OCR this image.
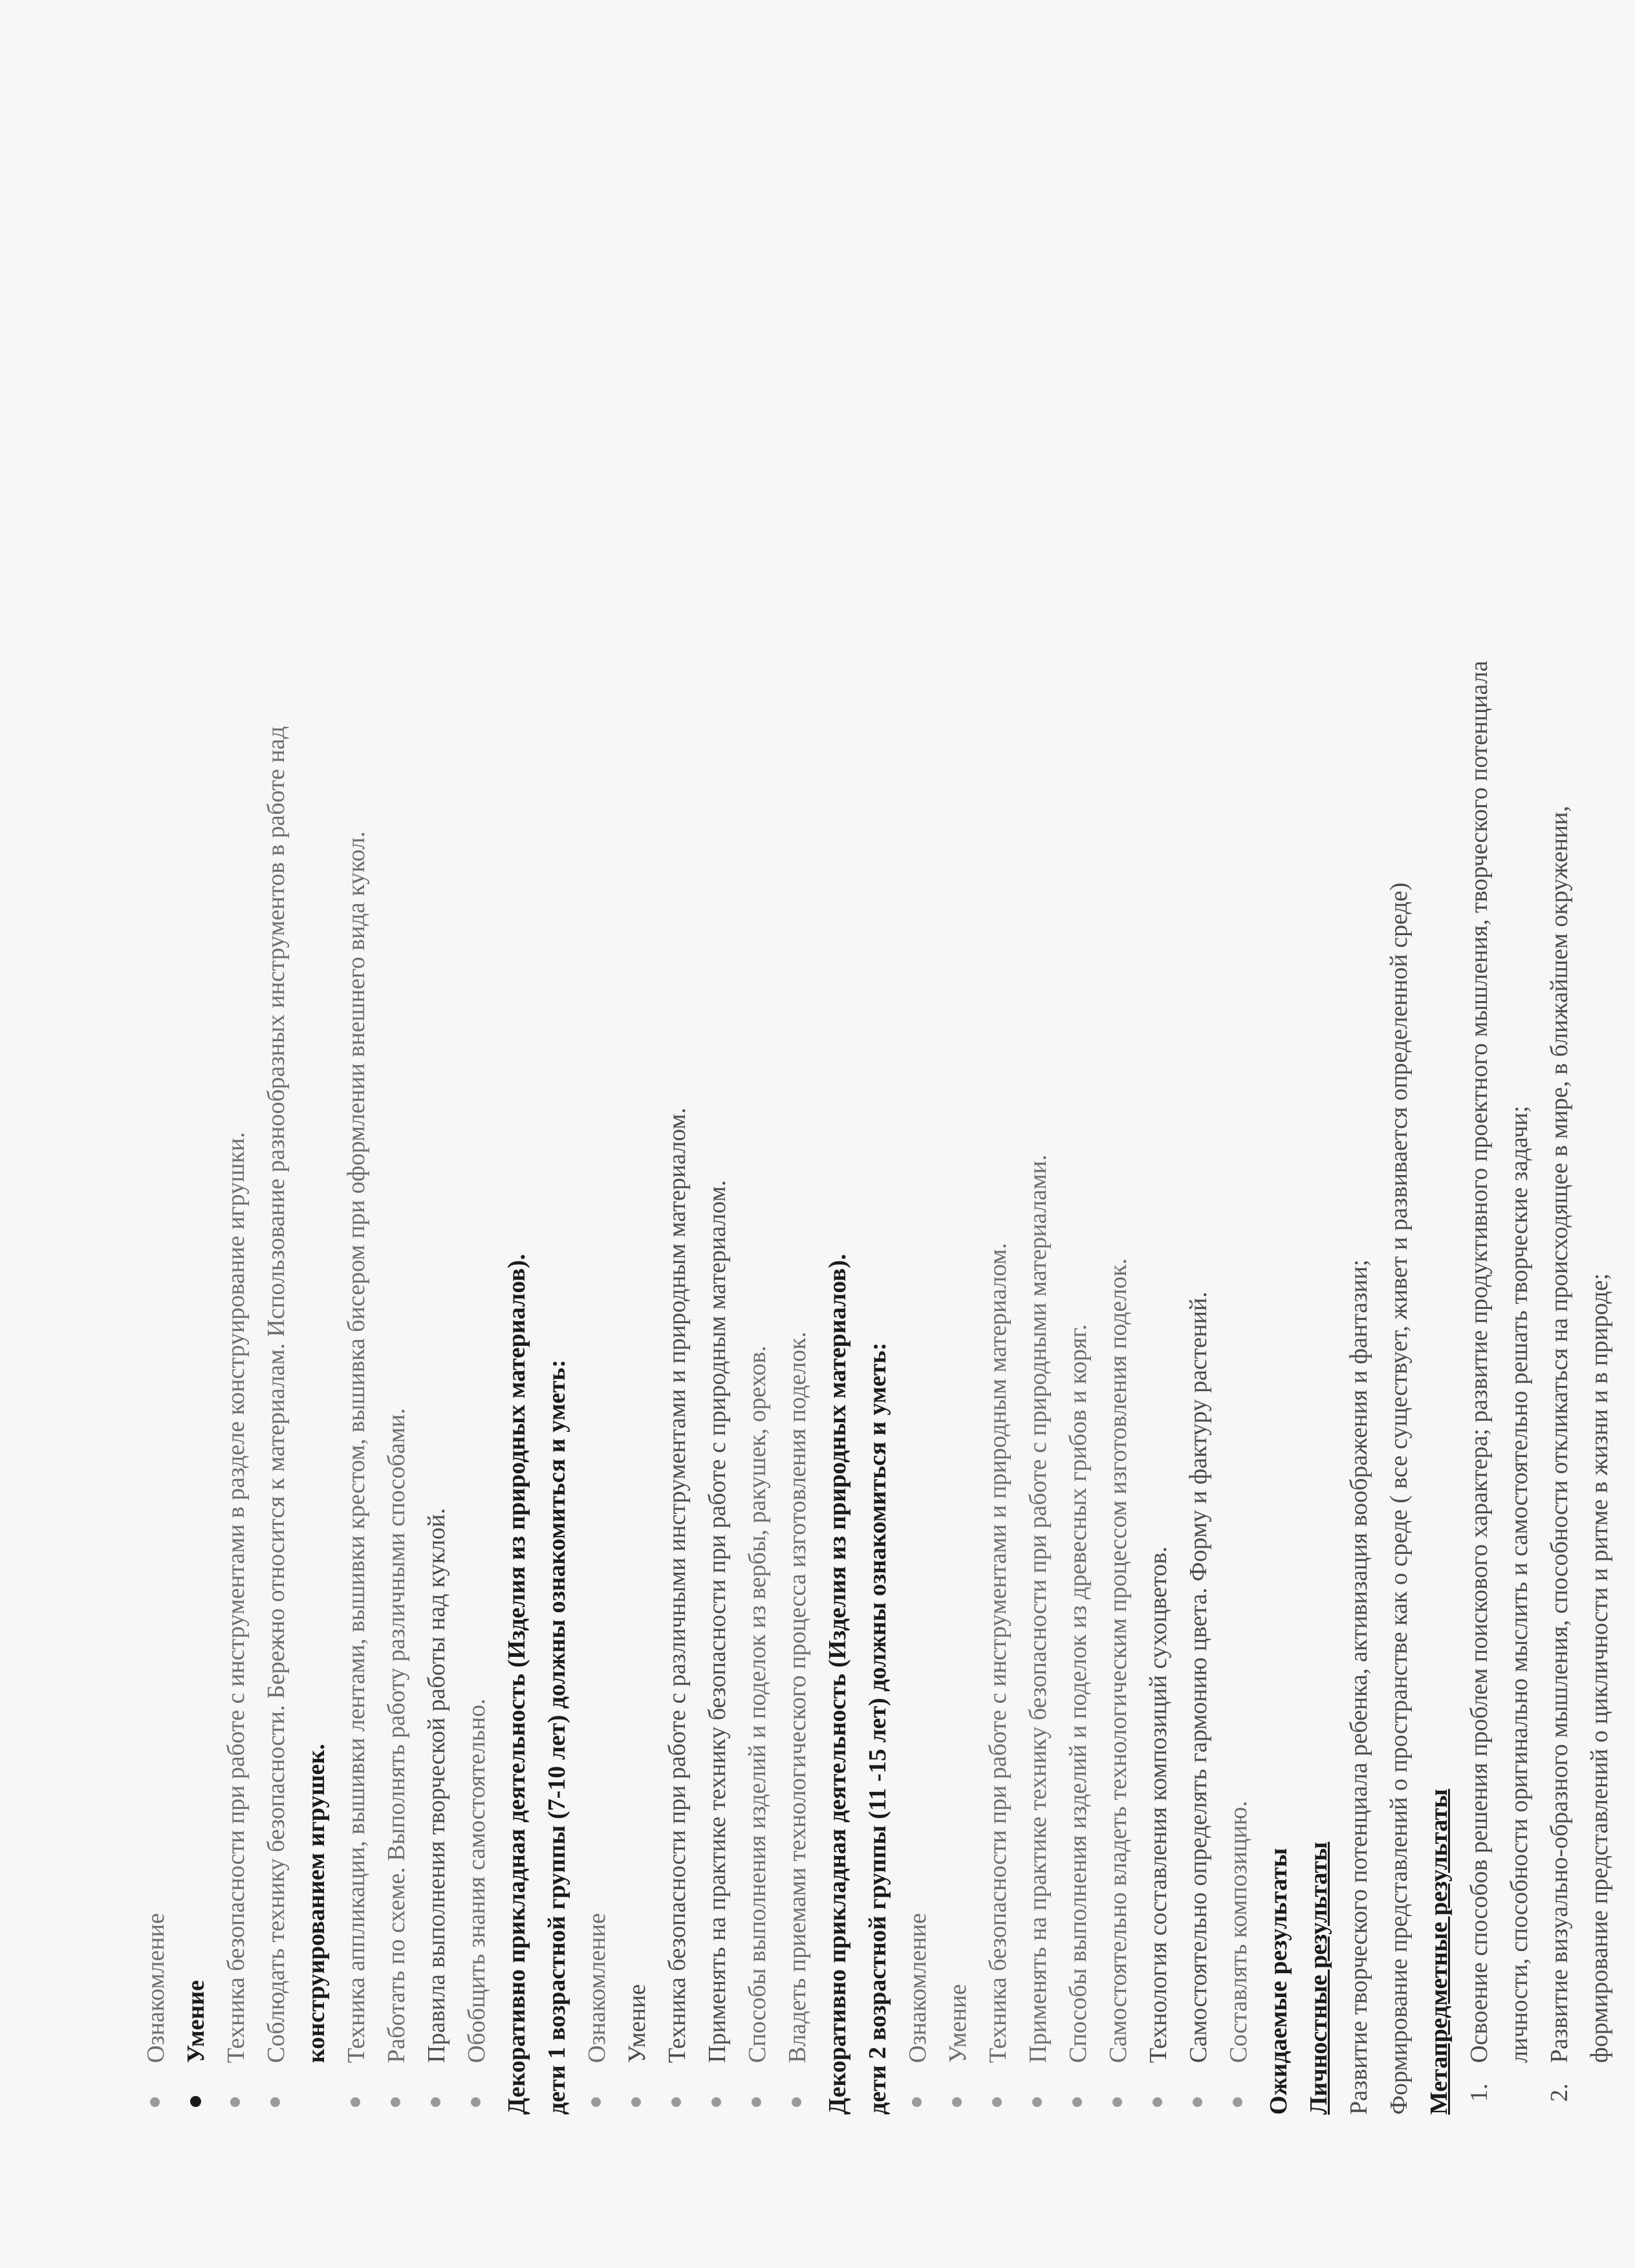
Ознакомление Умение Техника безопасности при работе с инструментами в разделе конструирование игрушки. Соблюдать технику безопасности. Бережно относится к материалам. Использование разнообразных инструментов в работе над конструированием игрушек. Техника аппликации, вышивки лентами, вышивки крестом, вышивка бисером при оформлении внешнего вида кукол. Работать по схеме. Выполнять работу различными способами. Правила выполнения творческой работы над куклой. Обобщить знания самостоятельно. Декоративно прикладная деятельность (Изделия из природных материалов). дети 1 возрастной группы (7-10 лет) должны ознакомиться и уметь: Ознакомление Умение Техника безопасности при работе с различными инструментами и природным материалом. Применять на практике технику безопасности при работе с природным материалом. Способы выполнения изделий и поделок из вербы, ракушек, орехов. Владеть приемами технологического процесса изготовления поделок. Декоративно прикладная деятельность (Изделия из природных материалов). дети 2 возрастной группы (11 -15 лет) должны ознакомиться и уметь: Ознакомление Умение Техника безопасности при работе с инструментами и природным материалом. Применять на практике технику безопасности при работе с природными материалами. Способы выполнения изделий и поделок из древесных грибов и коряг. Самостоятельно владеть технологическим процессом изготовления поделок. Технология составления композиций сухоцветов. Самостоятельно определять гармонию цвета. Форму и фактуру растений. Составлять композицию. Ожидаемые результаты Личностные результаты Развитие творческого потенциала ребенка, активизация воображения и фантазии; Формирование представлений о пространстве как о среде ( все существует, живет и развивается определенной среде) Метапредметные результаты 1.
Освоение способов решения проблем поискового характера; развитие продуктивного проектного мышления, творческого потенциала личности, способности оригинально мыслить и самостоятельно решать творческие задачи;
2.
Развитие визуально-образного мышления, способности откликаться на происходящее в мире, в ближайшем окружении, формирование представлений о цикличности и ритме в жизни и в природе;
